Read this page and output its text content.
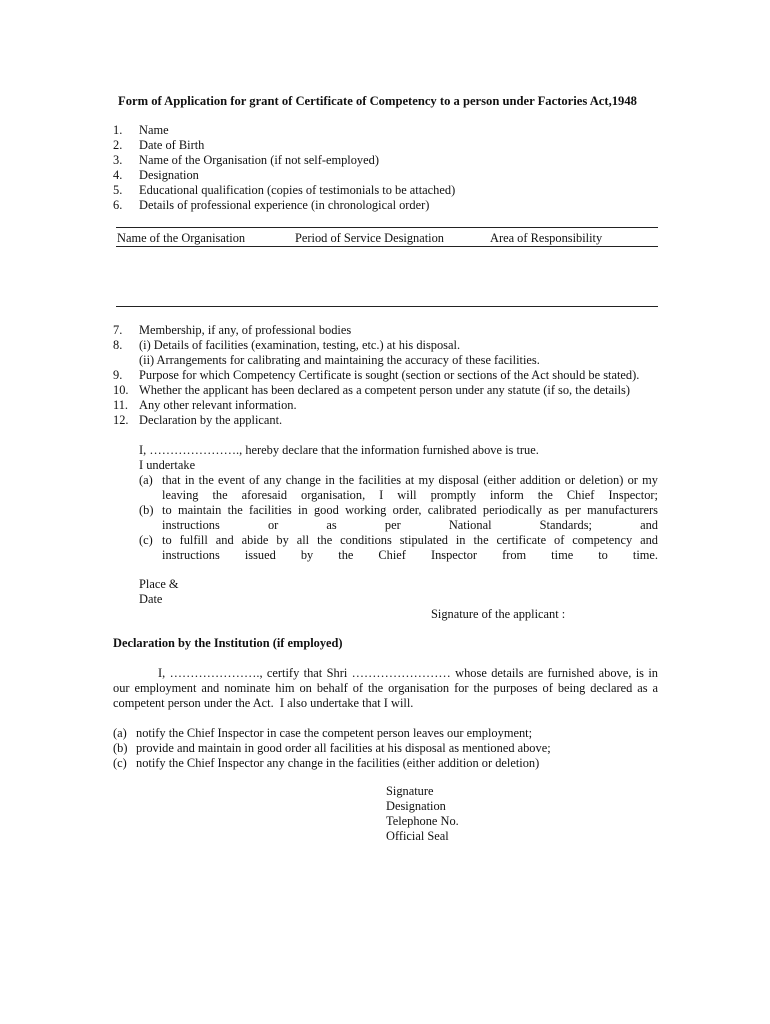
Form of Application for grant of Certificate of Competency to a person under Factories Act,1948
1.	Name
2.	Date of Birth
3.	Name of the Organisation (if not self-employed)
4.	Designation
5.	Educational qualification (copies of testimonials to be attached)
6.	Details of professional experience (in chronological order)
Name of the Organisation	Period of Service Designation	Area of Responsibility
7.	Membership, if any, of professional bodies
8.	(i) Details of facilities (examination, testing, etc.) at his disposal.
(ii) Arrangements for calibrating and maintaining the accuracy of these facilities.
9.	Purpose for which Competency Certificate is sought (section or sections of the Act should be stated).
10. Whether the applicant has been declared as a competent person under any statute (if so, the details)
11. Any other relevant information.
12. Declaration by the applicant.
I, …………………., hereby declare that the information furnished above is true.
I undertake
(a) that in the event of any change in the facilities at my disposal (either addition or deletion) or my
leaving the aforesaid organisation, I will promptly inform the Chief Inspector;
(b) to maintain the facilities in good working order, calibrated periodically as per manufacturers
instructions or as per National Standards; and
(c) to fulfill and abide by all the conditions stipulated in the certificate of competency and
instructions issued by the Chief Inspector from time to time.
Place &
Date
Signature of the applicant :
Declaration by the Institution (if employed)
I, …………………., certify that Shri …………………… whose details are furnished above, is in
our employment and nominate him on behalf of the organisation for the purposes of being declared as a
competent person under the Act.  I also undertake that I will.
(a) notify the Chief Inspector in case the competent person leaves our employment;
(b) provide and maintain in good order all facilities at his disposal as mentioned above;
(c) notify the Chief Inspector any change in the facilities (either addition or deletion)
Signature
Designation
Telephone No.
Official Seal
